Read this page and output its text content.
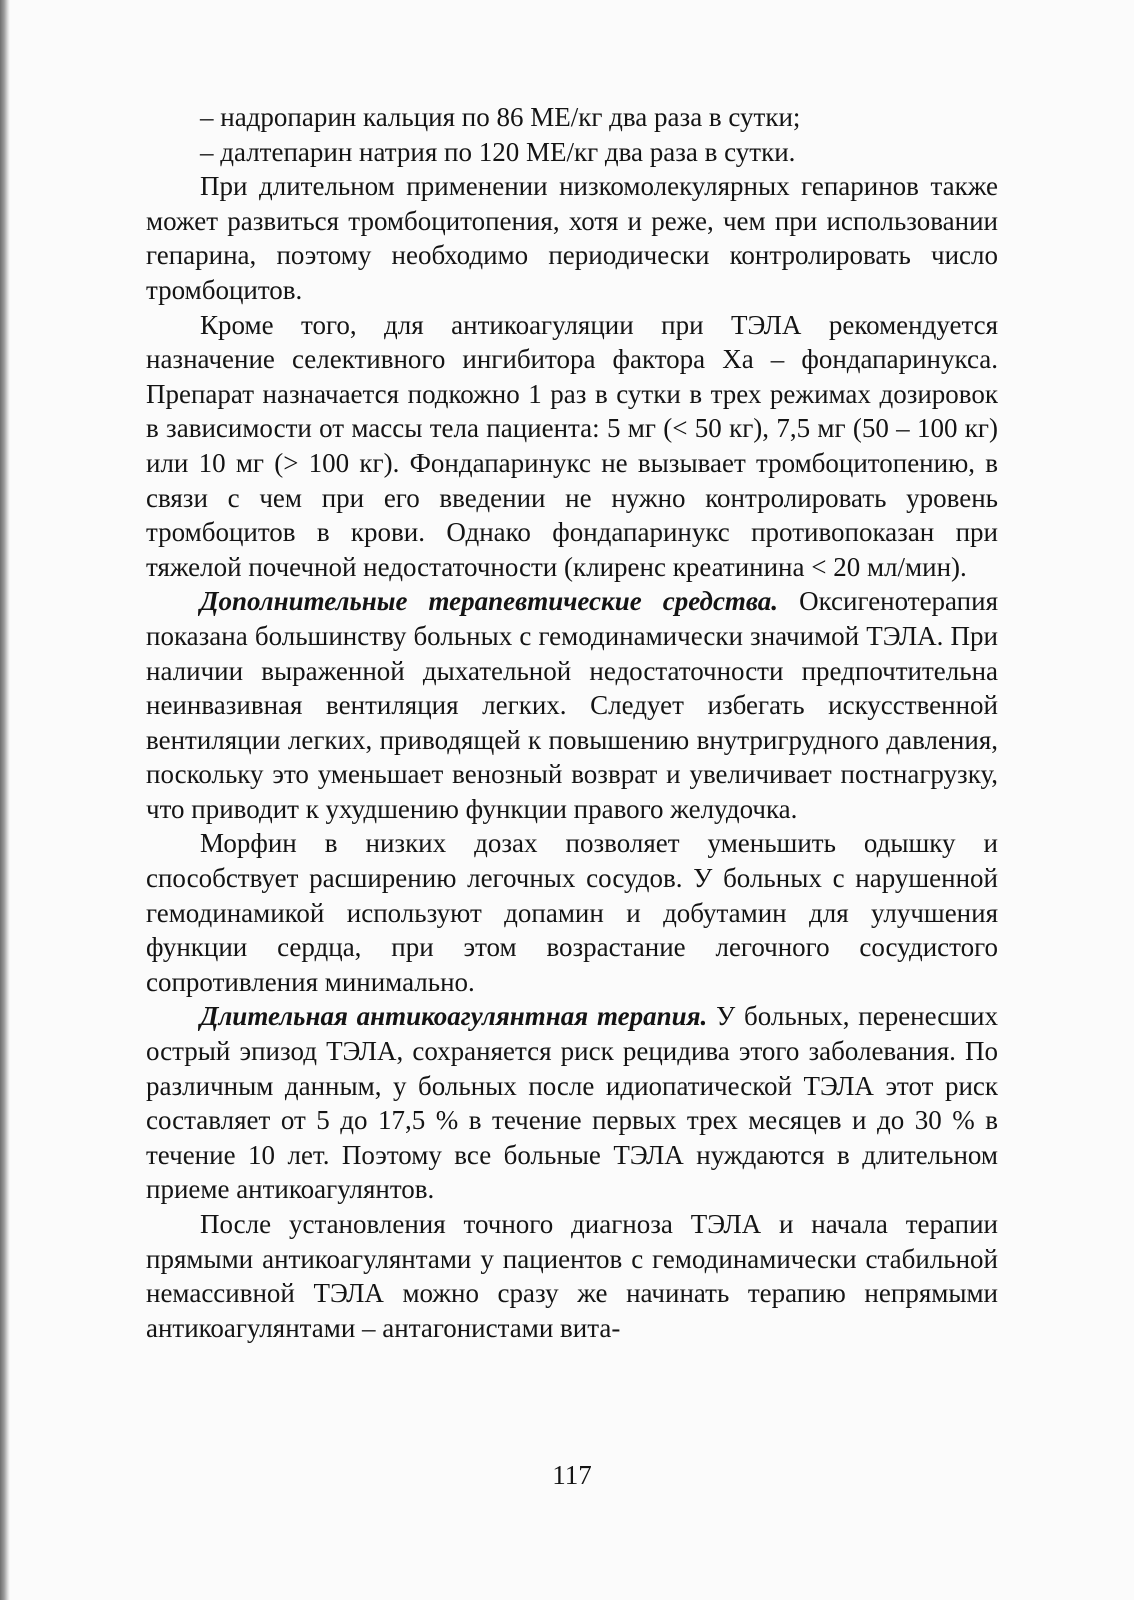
– надропарин кальция по 86 МЕ/кг два раза в сутки;

– далтепарин натрия по 120 МЕ/кг два раза в сутки.

При длительном применении низкомолекулярных гепаринов также может развиться тромбоцитопения, хотя и реже, чем при использовании гепарина, поэтому необходимо периодически контролировать число тромбоцитов.

Кроме того, для антикоагуляции при ТЭЛА рекомендуется назначение селективного ингибитора фактора Ха – фондапаринукса. Препарат назначается подкожно 1 раз в сутки в трех режимах дозировок в зависимости от массы тела пациента: 5 мг (< 50 кг), 7,5 мг (50 – 100 кг) или 10 мг (> 100 кг). Фондапаринукс не вызывает тромбоцитопению, в связи с чем при его введении не нужно контролировать уровень тромбоцитов в крови. Однако фондапаринукс противопоказан при тяжелой почечной недостаточности (клиренс креатинина < 20 мл/мин).

Дополнительные терапевтические средства. Оксигенотерапия показана большинству больных с гемодинамически значимой ТЭЛА. При наличии выраженной дыхательной недостаточности предпочтительна неинвазивная вентиляция легких. Следует избегать искусственной вентиляции легких, приводящей к повышению внутригрудного давления, поскольку это уменьшает венозный возврат и увеличивает постнагрузку, что приводит к ухудшению функции правого желудочка.

Морфин в низких дозах позволяет уменьшить одышку и способствует расширению легочных сосудов. У больных с нарушенной гемодинамикой используют допамин и добутамин для улучшения функции сердца, при этом возрастание легочного сосудистого сопротивления минимально.

Длительная антикоагулянтная терапия. У больных, перенесших острый эпизод ТЭЛА, сохраняется риск рецидива этого заболевания. По различным данным, у больных после идиопатической ТЭЛА этот риск составляет от 5 до 17,5 % в течение первых трех месяцев и до 30 % в течение 10 лет. Поэтому все больные ТЭЛА нуждаются в длительном приеме антикоагулянтов.

После установления точного диагноза ТЭЛА и начала терапии прямыми антикоагулянтами у пациентов с гемодинамически стабильной немассивной ТЭЛА можно сразу же начинать терапию непрямыми антикоагулянтами – антагонистами вита-

117
